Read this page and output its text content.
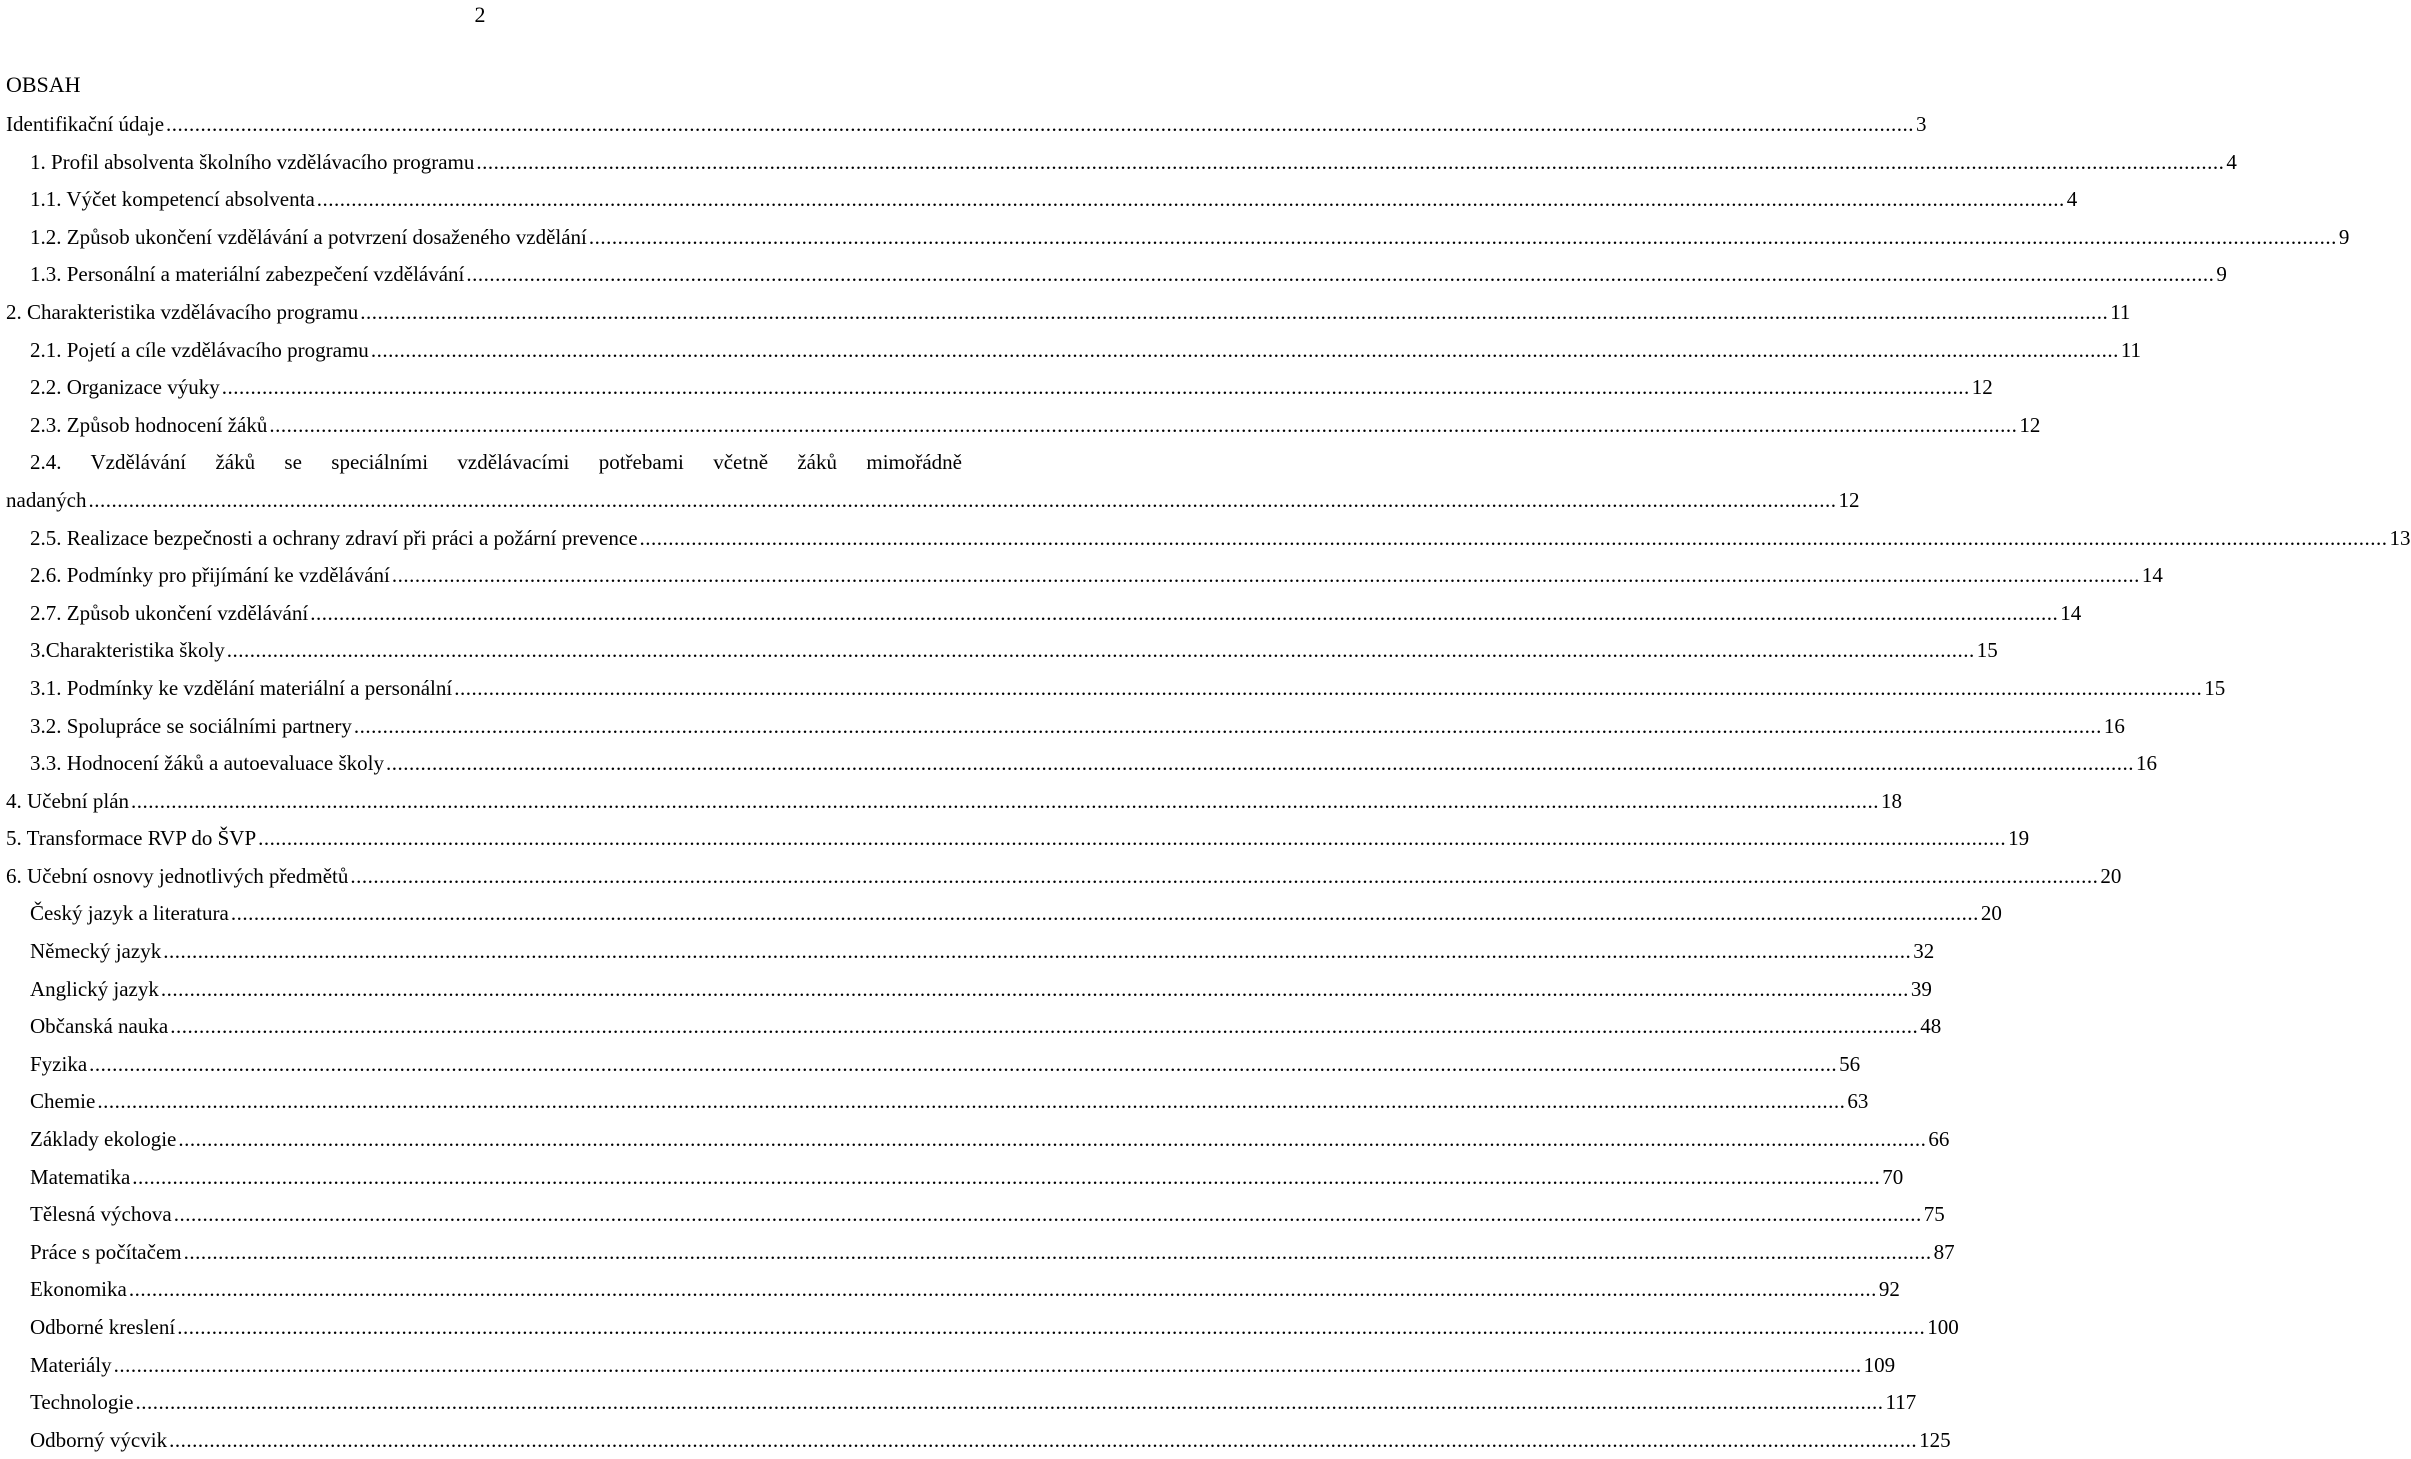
2
OBSAH
Identifikační údaje .....	3
1. Profil absolventa školního vzdělávacího programu .....	4
1.1. Výčet kompetencí absolventa .....	4
1.2. Způsob ukončení vzdělávání a potvrzení dosaženého vzdělání .....	9
1.3. Personální a materiální zabezpečení vzdělávání .....	9
2. Charakteristika vzdělávacího programu .....	11
2.1. Pojetí a cíle vzdělávacího programu .....	11
2.2. Organizace výuky .....	12
2.3. Způsob hodnocení žáků .....	12
2.4. Vzdělávání žáků se speciálními vzdělávacími potřebami včetně žáků mimořádně
nadaných .....	12
2.5. Realizace bezpečnosti a ochrany zdraví při práci a požární prevence .....	13
2.6. Podmínky pro přijímání ke vzdělávání .....	14
2.7. Způsob ukončení vzdělávání .....	14
3.Charakteristika školy .....	15
3.1. Podmínky ke vzdělání materiální a personální .....	15
3.2. Spolupráce se sociálními partnery .....	16
3.3. Hodnocení žáků a autoevaluace školy .....	16
4. Učební plán .....	18
5. Transformace RVP do ŠVP .....	19
6. Učební osnovy jednotlivých předmětů .....	20
Český jazyk a literatura .....	20
Německý jazyk .....	32
Anglický jazyk .....	39
Občanská nauka .....	48
Fyzika .....	56
Chemie .....	63
Základy ekologie .....	66
Matematika .....	70
Tělesná výchova .....	75
Práce s počítačem .....	87
Ekonomika .....	92
Odborné kreslení .....	100
Materiály .....	109
Technologie .....	117
Odborný výcvik .....	125
